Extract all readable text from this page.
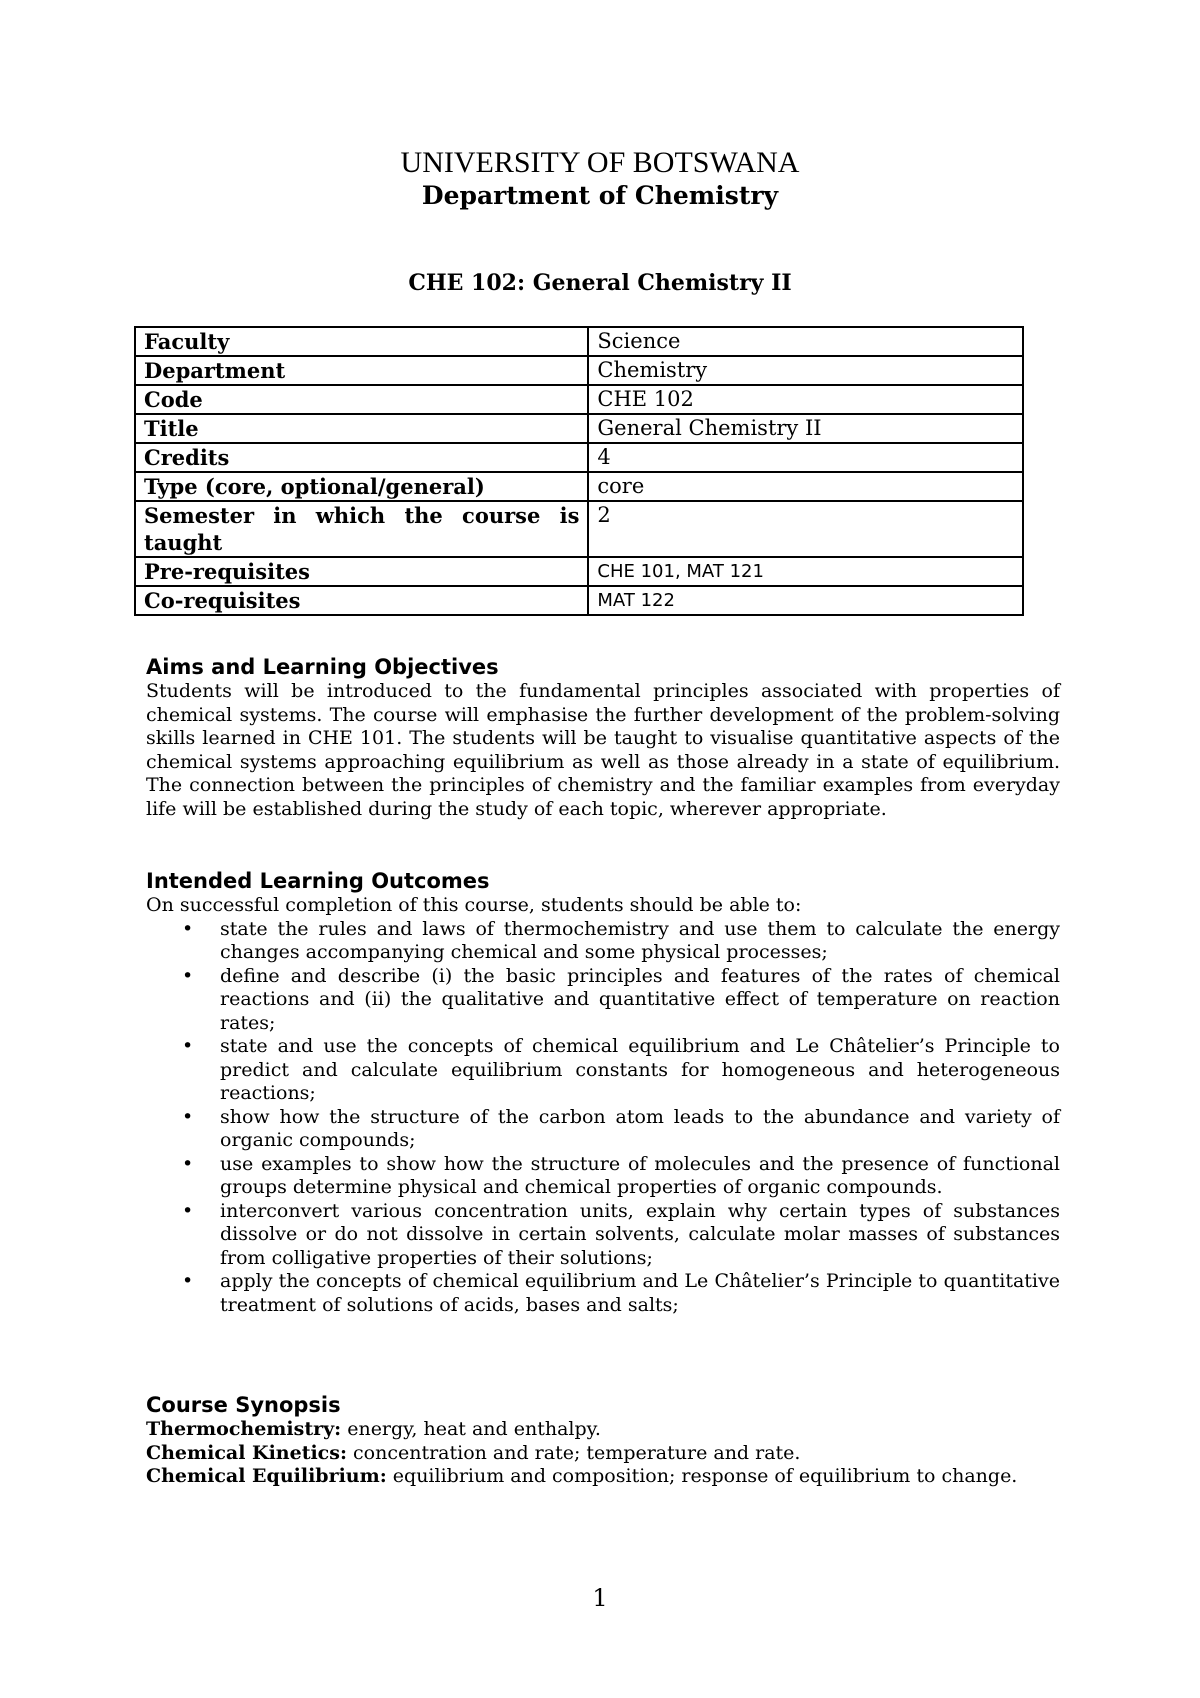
UNIVERSITY OF BOTSWANA
Department of Chemistry
CHE 102: General Chemistry II
Faculty	Science
Department	Chemistry
Code	CHE 102
Title	General Chemistry II
Credits	4
Type (core, optional/general)	core
Semester in which the course is taught	2
Pre-requisites	CHE 101, MAT 121
Co-requisites	MAT 122
Aims and Learning Objectives
Students will be introduced to the fundamental principles associated with properties of chemical systems. The course will emphasise the further development of the problem-solving skills learned in CHE 101. The students will be taught to visualise quantitative aspects of the chemical systems approaching equilibrium as well as those already in a state of equilibrium. The connection between the principles of chemistry and the familiar examples from everyday life will be established during the study of each topic, wherever appropriate.
Intended Learning Outcomes
On successful completion of this course, students should be able to:
• state the rules and laws of thermochemistry and use them to calculate the energy changes accompanying chemical and some physical processes;
• define and describe (i) the basic principles and features of the rates of chemical reactions and (ii) the qualitative and quantitative effect of temperature on reaction rates;
• state and use the concepts of chemical equilibrium and Le Châtelier’s Principle to predict and calculate equilibrium constants for homogeneous and heterogeneous reactions;
• show how the structure of the carbon atom leads to the abundance and variety of organic compounds;
• use examples to show how the structure of molecules and the presence of functional groups determine physical and chemical properties of organic compounds.
• interconvert various concentration units, explain why certain types of substances dissolve or do not dissolve in certain solvents, calculate molar masses of substances from colligative properties of their solutions;
• apply the concepts of chemical equilibrium and Le Châtelier’s Principle to quantitative treatment of solutions of acids, bases and salts;
Course Synopsis
Thermochemistry: energy, heat and enthalpy.
Chemical Kinetics: concentration and rate; temperature and rate.
Chemical Equilibrium: equilibrium and composition; response of equilibrium to change.
1
